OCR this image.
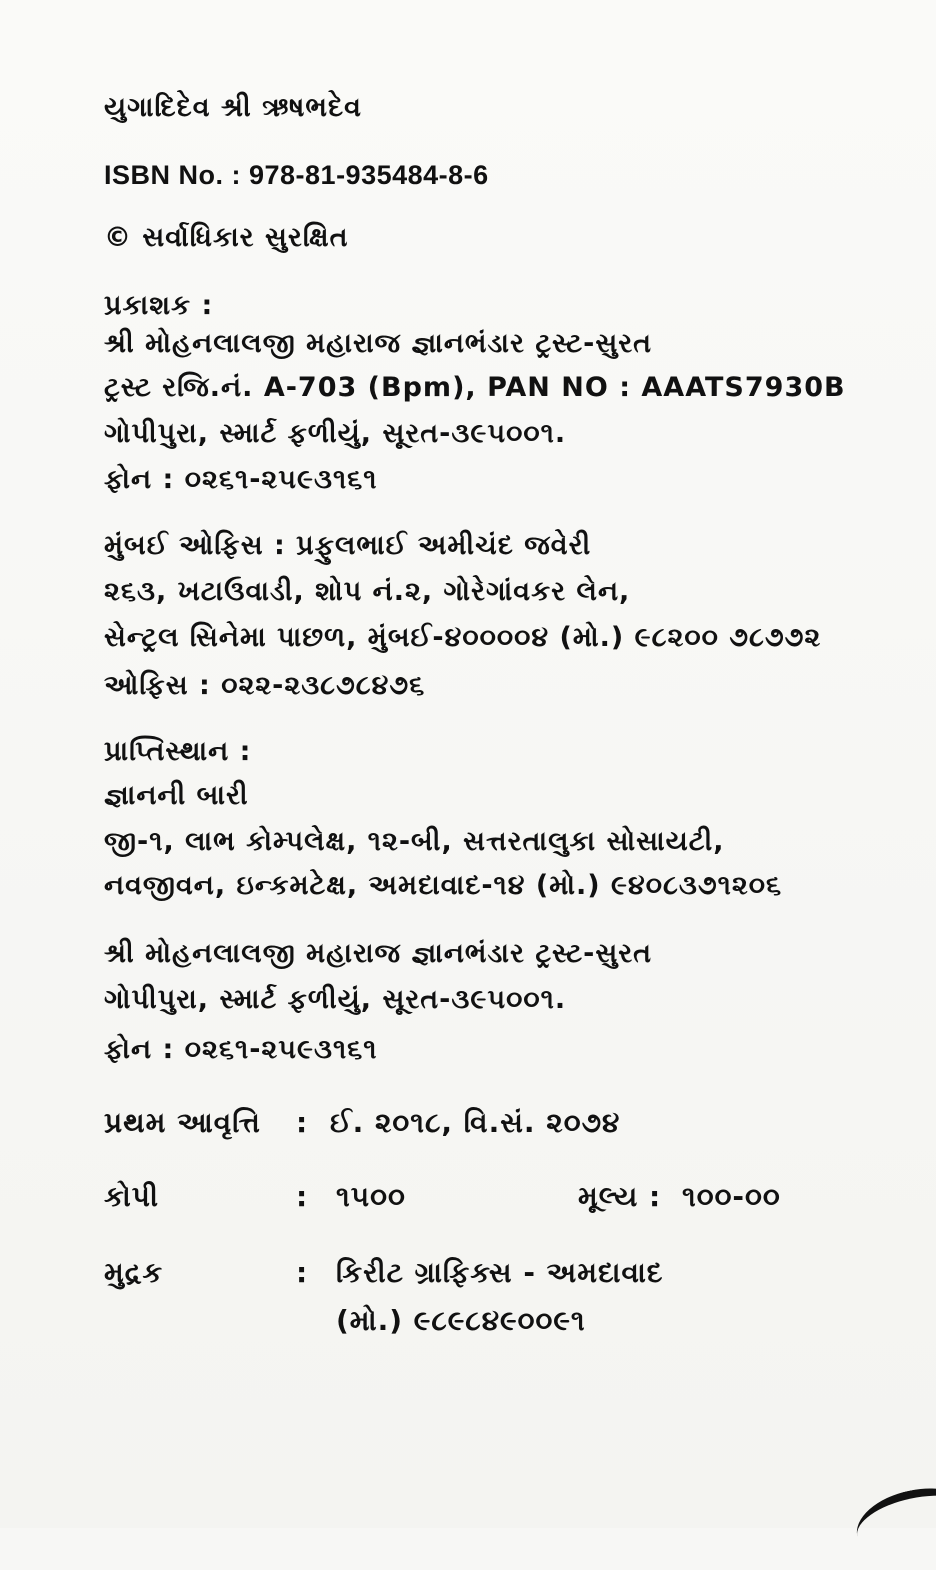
યુગાદિદેવ શ્રી ઋષભદેવ
ISBN No. : 978-81-935484-8-6
© સર્વાધિકાર સુરક્ષિત
પ્રકાશક :
શ્રી મોહનલાલજી મહારાજ જ્ઞાનભંડાર ટ્રસ્ટ-સુરત
ટ્રસ્ટ રજિ.નં. A-703 (Bpm), PAN NO : AAATS7930B
ગોપીપુરા, સ્માર્ટ ફળીયું, સૂરત-૩૯૫૦૦૧.
ફોન : ૦૨૬૧-૨૫૯૩૧૬૧
મુંબઈ ઓફિસ : પ્રફુલભાઈ અમીચંદ જવેરી
૨૬૩, ખટાઉવાડી, શોપ નં.૨, ગોરેગાંવકર લેન,
સેન્ટ્રલ સિનેમા પાછળ, મુંબઈ-૪૦૦૦૦૪ (મો.) ૯૮૨૦૦ ૭૮૭૭૨
ઓફિસ : ૦૨૨-૨૩૮૭૮૪૭૬
પ્રાપ્તિસ્થાન :
જ્ઞાનની બારી
જી-૧, લાભ કોમ્પલેક્ષ, ૧૨-બી, સત્તરતાલુકા સોસાયટી,
નવજીવન, ઇન્કમટેક્ષ, અમદાવાદ-૧૪ (મો.) ૯૪૦૮૩૭૧૨૦૬
શ્રી મોહનલાલજી મહારાજ જ્ઞાનભંડાર ટ્રસ્ટ-સુરત
ગોપીપુરા, સ્માર્ટ ફળીયું, સૂરત-૩૯૫૦૦૧.
ફોન : ૦૨૬૧-૨૫૯૩૧૬૧
પ્રથમ આવૃત્તિ : ઈ. ૨૦૧૮, વિ.સં. ૨૦૭૪
કોપી	: ૧૫૦૦	મૂલ્ય : ૧૦૦-૦૦
મુદ્રક	: કિરીટ ગ્રાફિક્સ - અમદાવાદ
(મો.) ૯૮૯૮૪૯૦૦૯૧
